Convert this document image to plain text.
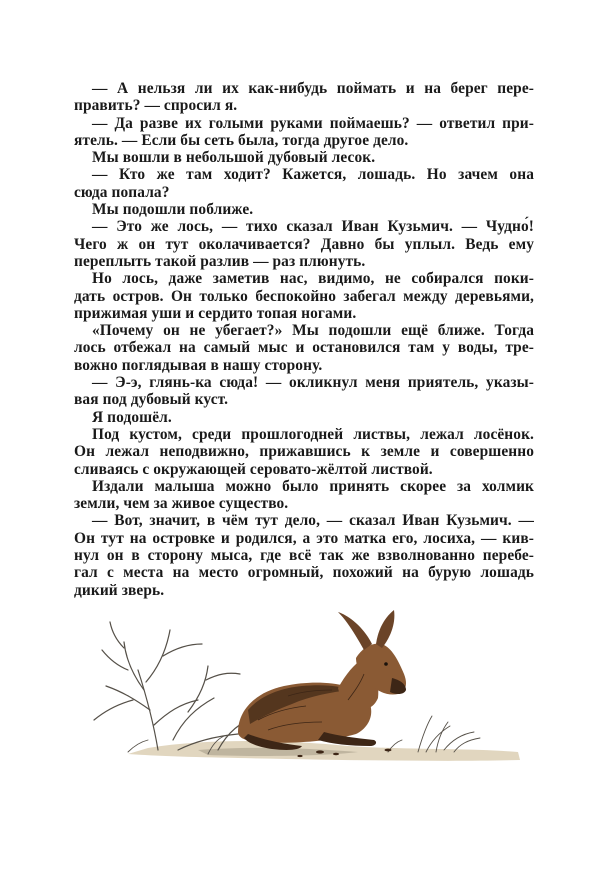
— А нельзя ли их как-нибудь поймать и на берег пере-
править? — спросил я.
— Да разве их голыми руками поймаешь? — ответил при-
ятель. — Если бы сеть была, тогда другое дело.
Мы вошли в небольшой дубовый лесок.
— Кто же там ходит? Кажется, лошадь. Но зачем она
сюда попала?
Мы подошли поближе.
— Это же лось, — тихо сказал Иван Кузьмич. — Чудно́!
Чего ж он тут околачивается? Давно бы уплыл. Ведь ему
переплыть такой разлив — раз плюнуть.
Но лось, даже заметив нас, видимо, не собирался поки-
дать остров. Он только беспокойно забегал между деревьями,
прижимая уши и сердито топая ногами.
«Почему он не убегает?» Мы подошли ещё ближе. Тогда
лось отбежал на самый мыс и остановился там у воды, тре-
вожно поглядывая в нашу сторону.
— Э-э, глянь-ка сюда! — окликнул меня приятель, указы-
вая под дубовый куст.
Я подошёл.
Под кустом, среди прошлогодней листвы, лежал лосёнок.
Он лежал неподвижно, прижавшись к земле и совершенно
сливаясь с окружающей серовато-жёлтой листвой.
Издали малыша можно было принять скорее за холмик
земли, чем за живое существо.
— Вот, значит, в чём тут дело, — сказал Иван Кузьмич. —
Он тут на островке и родился, а это матка его, лосиха, — кив-
нул он в сторону мыса, где всё так же взволнованно перебе-
гал с места на место огромный, похожий на бурую лошадь
дикий зверь.
